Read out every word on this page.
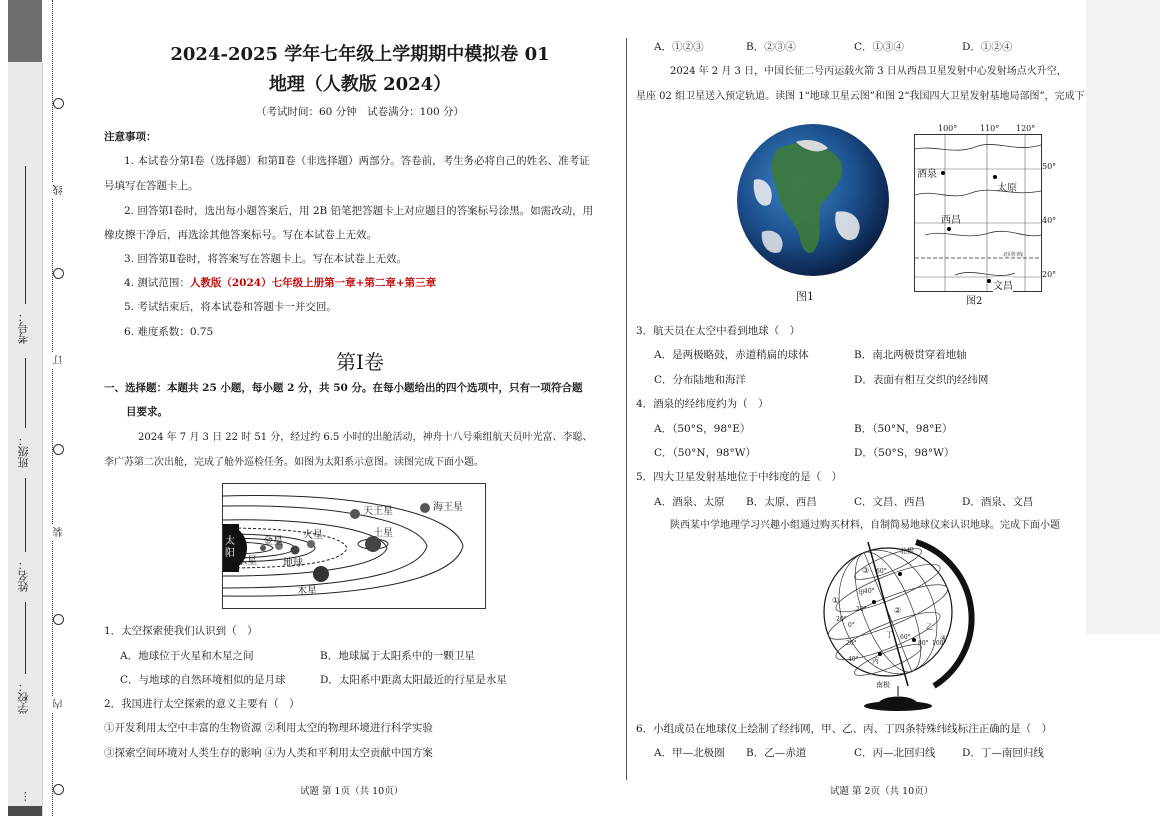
学校：
姓名：
班级：
考号：
…
线
订
装
内
2024-2025 学年七年级上学期期中模拟卷 01
地理（人教版 2024）
（考试时间：60 分钟　试卷满分：100 分）
注意事项：
1. 本试卷分第Ⅰ卷（选择题）和第Ⅱ卷（非选择题）两部分。答卷前，考生务必将自己的姓名、准考证
号填写在答题卡上。
2. 回答第Ⅰ卷时，选出每小题答案后，用 2B 铅笔把答题卡上对应题目的答案标号涂黑。如需改动，用
橡皮擦干净后，再选涂其他答案标号。写在本试卷上无效。
3. 回答第Ⅱ卷时，将答案写在答题卡上。写在本试卷上无效。
4. 测试范围：人教版（2024）七年级上册第一章+第二章+第三章
5. 考试结束后，将本试卷和答题卡一并交回。
6. 难度系数：0.75
第Ⅰ卷
一、选择题：本题共 25 小题，每小题 2 分，共 50 分。在每小题给出的四个选项中，只有一项符合题
目要求。
2024 年 7 月 3 日 22 时 51 分，经过约 6.5 小时的出舱活动，神舟十八号乘组航天员叶光富、李聪、
李广苏第二次出舱，完成了舱外巡检任务。如图为太阳系示意图。读图完成下面小题。
太阳
水星
金星
地球
火星
木星
土星
天王星	海王星
1．太空探索使我们认识到（　）
A．地球位于火星和木星之间	B．地球属于太阳系中的一颗卫星
C．与地球的自然环境相似的是月球	D．太阳系中距离太阳最近的行星是水星
2．我国进行太空探索的意义主要有（　）
①开发利用太空中丰富的生物资源 ②利用太空的物理环境进行科学实验
③探索空间环境对人类生存的影响 ④为人类和平利用太空贡献中国方案
试题 第 1页（共 10页）
A．①②③	B．②③④	C．①③④	D．①②④
2024 年 2 月 3 日，中国长征二号丙运载火箭 3 日从西昌卫星发射中心发射场点火升空，
星座 02 组卫星送入预定轨道。读图 1“地球卫星云图”和图 2“我国四大卫星发射基地局部图”，完成下
图1
酒泉
太原
西昌
文昌
北回归线
100°	110° 120°
50°
40°
20°
图2
3．航天员在太空中看到地球（　）
A．是两极略鼓，赤道稍扁的球体	B．南北两极贯穿着地轴
C．分布陆地和海洋	D．表面有相互交织的经纬网
4．酒泉的经纬度约为（　）
A．（50°S，98°E）	B．（50°N，98°E）
C．（50°N，98°W）	D．（50°S，98°W）
5．四大卫星发射基地位于中纬度的是（　）
A．酒泉、太原 B．太原、西昌	C．文昌、西昌	D．酒泉、文昌
陕西某中学地理学习兴趣小组通过购买材料，自制简易地球仪来认识地球。完成下面小题
北极
南极
①
②
③
④
甲
乙
丙
丁
60°
40°
20°
0°
20°
40°
60°
80° 100°
20°
6．小组成员在地球仪上绘制了经纬网，甲、乙、丙、丁四条特殊纬线标注正确的是（　）
A．甲—北极圈 B．乙—赤道	C．丙—北回归线	D．丁—南回归线
试题 第 2页（共 10页）
